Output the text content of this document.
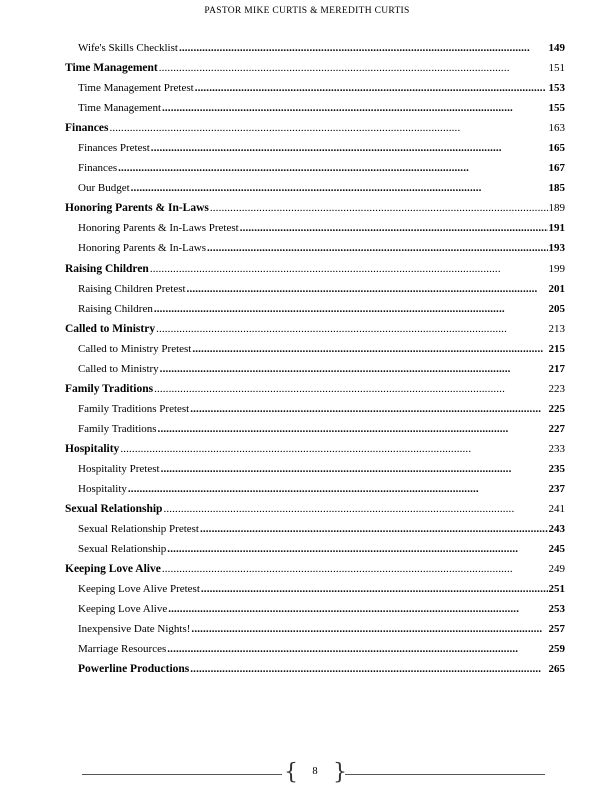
PASTOR MIKE CURTIS & MEREDITH CURTIS
Wife's Skills Checklist . . .	149
Time Management . . .	151
Time Management Pretest . . .	153
Time Management . . .	155
Finances . . .	163
Finances Pretest . . .	165
Finances . . .	167
Our Budget . . .	185
Honoring Parents & In-Laws . . .	189
Honoring Parents & In-Laws Pretest . . .	191
Honoring Parents & In-Laws . . .	193
Raising Children . . .	199
Raising Children Pretest . . .	201
Raising Children . . .	205
Called to Ministry . . .	213
Called to Ministry Pretest . . .	215
Called to Ministry . . .	217
Family Traditions . . .	223
Family Traditions Pretest . . .	225
Family Traditions . . .	227
Hospitality . . .	233
Hospitality Pretest . . .	235
Hospitality . . .	237
Sexual Relationship . . .	241
Sexual Relationship Pretest . . .	243
Sexual Relationship . . .	245
Keeping Love Alive . . .	249
Keeping Love Alive Pretest . . .	251
Keeping Love Alive . . .	253
Inexpensive Date Nights! . . .	257
Marriage Resources . . .	259
Powerline Productions . . .	265
{	8 }
